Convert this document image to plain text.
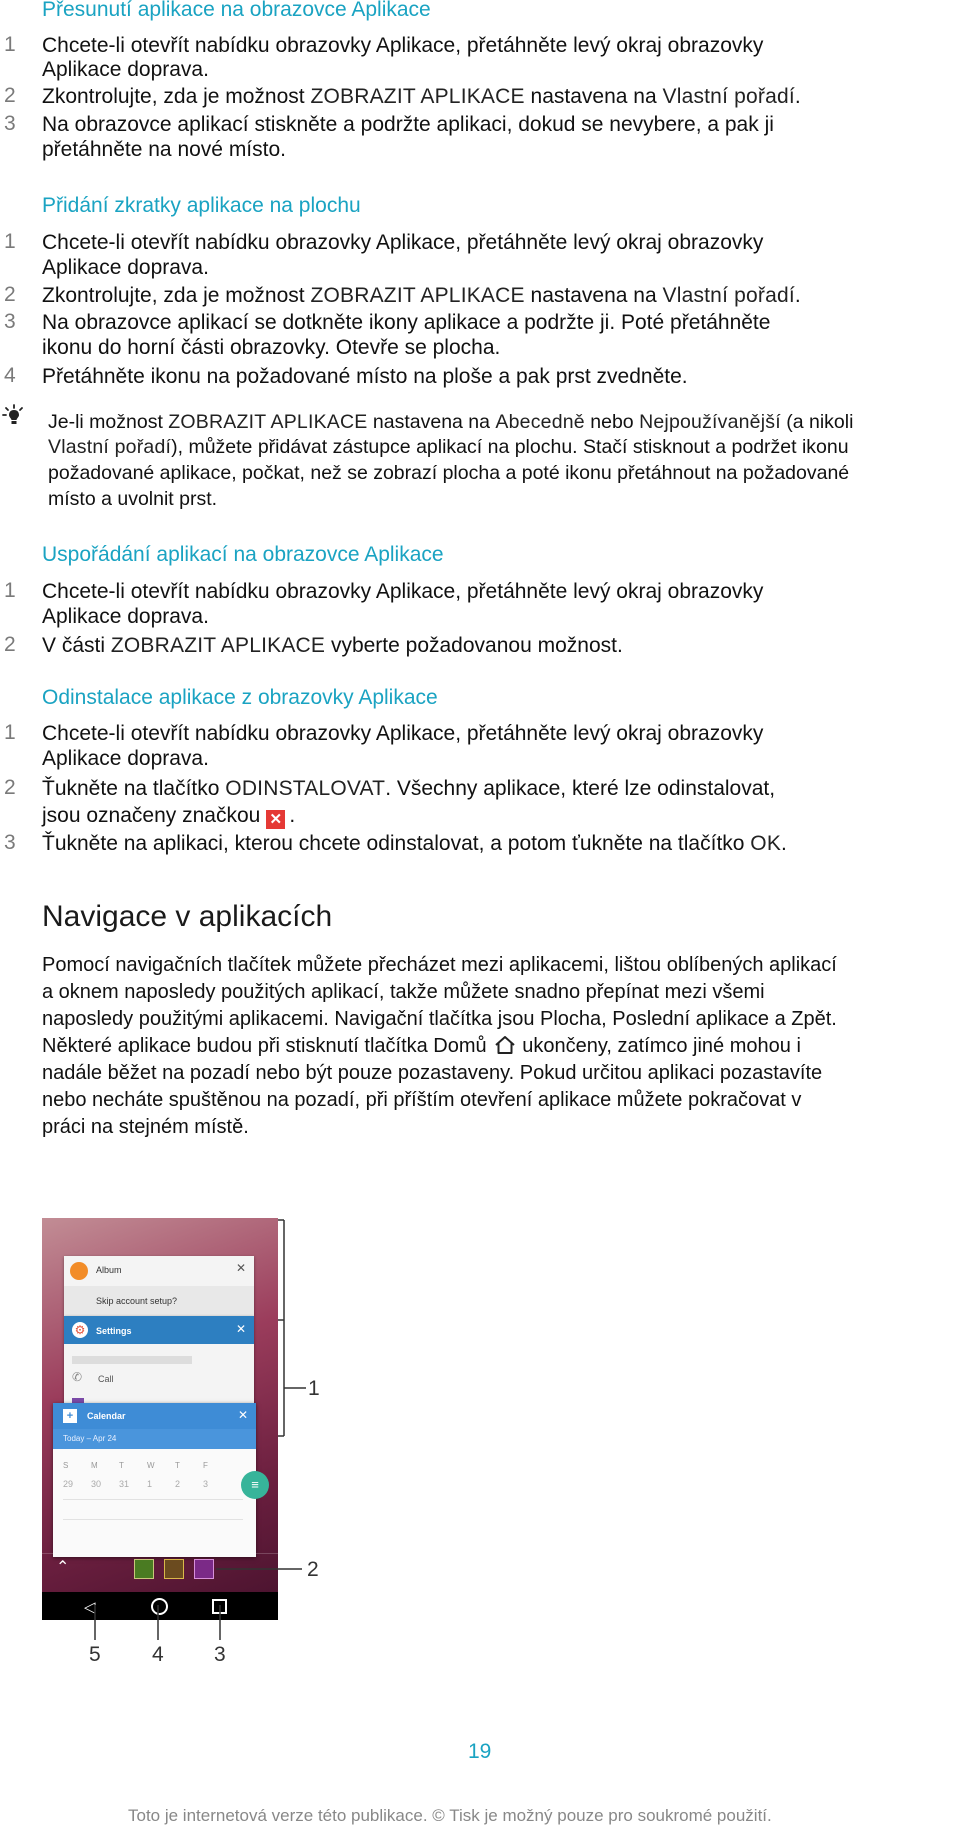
Přesunutí aplikace na obrazovce Aplikace
1 Chcete-li otevřít nabídku obrazovky Aplikace, přetáhněte levý okraj obrazovky
Aplikace doprava.
2 Zkontrolujte, zda je možnost ZOBRAZIT APLIKACE nastavena na Vlastní pořadí.
3 Na obrazovce aplikací stiskněte a podržte aplikaci, dokud se nevybere, a pak ji
přetáhněte na nové místo.
Přidání zkratky aplikace na plochu
1 Chcete-li otevřít nabídku obrazovky Aplikace, přetáhněte levý okraj obrazovky
Aplikace doprava.
2 Zkontrolujte, zda je možnost ZOBRAZIT APLIKACE nastavena na Vlastní pořadí.
3 Na obrazovce aplikací se dotkněte ikony aplikace a podržte ji. Poté přetáhněte
ikonu do horní části obrazovky. Otevře se plocha.
4 Přetáhněte ikonu na požadované místo na ploše a pak prst zvedněte.
Je-li možnost ZOBRAZIT APLIKACE nastavena na Abecedně nebo Nejpoužívanější (a nikoli
Vlastní pořadí), můžete přidávat zástupce aplikací na plochu. Stačí stisknout a podržet ikonu
požadované aplikace, počkat, než se zobrazí plocha a poté ikonu přetáhnout na požadované
místo a uvolnit prst.
Uspořádání aplikací na obrazovce Aplikace
1 Chcete-li otevřít nabídku obrazovky Aplikace, přetáhněte levý okraj obrazovky
Aplikace doprava.
2 V části ZOBRAZIT APLIKACE vyberte požadovanou možnost.
Odinstalace aplikace z obrazovky Aplikace
1 Chcete-li otevřít nabídku obrazovky Aplikace, přetáhněte levý okraj obrazovky
Aplikace doprava.
2 Ťukněte na tlačítko ODINSTALOVAT. Všechny aplikace, které lze odinstalovat,
jsou označeny značkou ✕ .
3 Ťukněte na aplikaci, kterou chcete odinstalovat, a potom ťukněte na tlačítko OK.
Navigace v aplikacích
Pomocí navigačních tlačítek můžete přecházet mezi aplikacemi, lištou oblíbených aplikací
a oknem naposledy použitých aplikací, takže můžete snadno přepínat mezi všemi
naposledy použitými aplikacemi. Navigační tlačítka jsou Plocha, Poslední aplikace a Zpět.
Některé aplikace budou při stisknutí tlačítka Domů ukončeny, zatímco jiné mohou i
nadále běžet na pozadí nebo být pouze pozastaveny. Pokud určitou aplikaci pozastavíte
nebo necháte spuštěnou na pozadí, při příštím otevření aplikace můžete pokračovat v
práci na stejném místě.
Album	✕
Skip account setup?
⚙ Settings	✕
✆	Call
+	Calendar	✕
Today – Apr 24
S	M	T	W	T	F
29 30 31 1	2	3	≡
⌃
◁
1
2
5 4 3
19
Toto je internetová verze této publikace. © Tisk je možný pouze pro soukromé použití.
